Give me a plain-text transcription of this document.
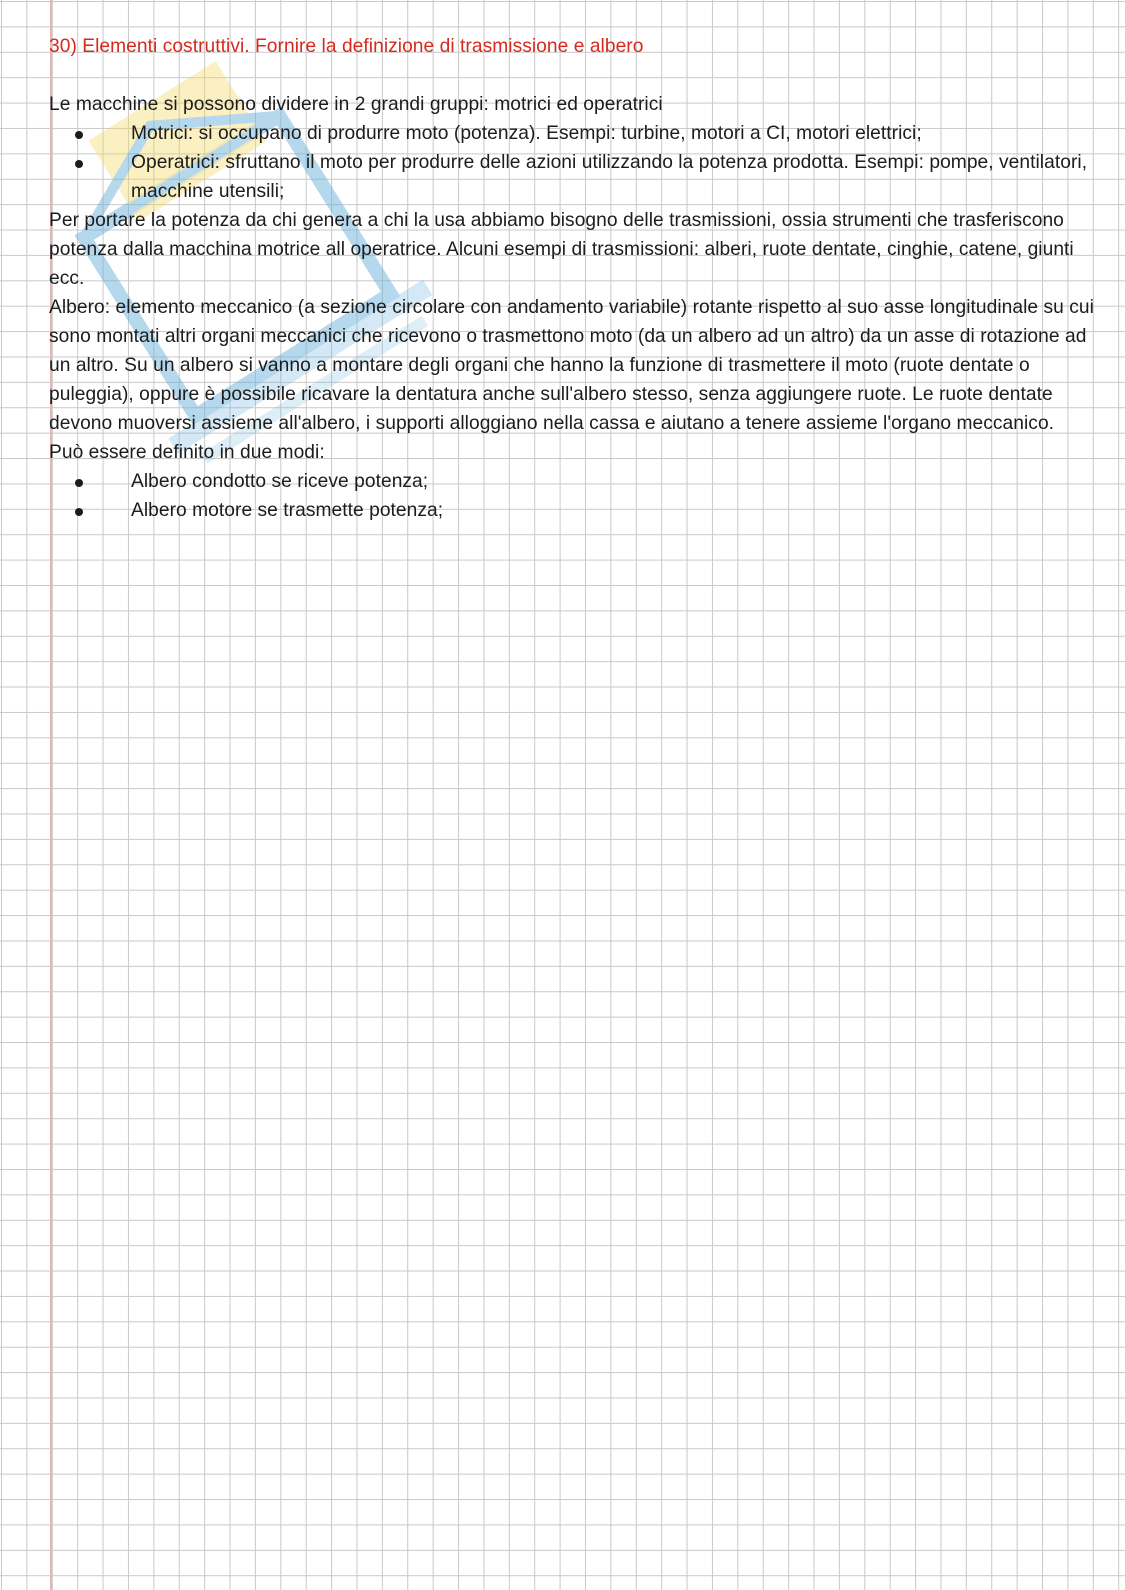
30) Elementi costruttivi. Fornire la definizione di trasmissione e albero

Le macchine si possono dividere in 2 grandi gruppi: motrici ed operatrici

Motrici: si occupano di produrre moto (potenza). Esempi: turbine, motori a CI, motori elettrici;
Operatrici: sfruttano il moto per produrre delle azioni utilizzando la potenza prodotta. Esempi: pompe, ventilatori, macchine utensili;

Per portare la potenza da chi genera a chi la usa abbiamo bisogno delle trasmissioni, ossia strumenti che trasferiscono potenza dalla macchina motrice all operatrice. Alcuni esempi di trasmissioni: alberi, ruote dentate, cinghie, catene, giunti ecc.

Albero: elemento meccanico (a sezione circolare con andamento variabile) rotante rispetto al suo asse longitudinale su cui sono montati altri organi meccanici che ricevono o trasmettono moto (da un albero ad un altro) da un asse di rotazione ad un altro. Su un albero si vanno a montare degli organi che hanno la funzione di trasmettere il moto (ruote dentate o puleggia), oppure è possibile ricavare la dentatura anche sull'albero stesso, senza aggiungere ruote. Le ruote dentate devono muoversi assieme all'albero, i supporti alloggiano nella cassa e aiutano a tenere assieme l'organo meccanico.

Può essere definito in due modi:

Albero condotto se riceve potenza;
Albero motore se trasmette potenza;
